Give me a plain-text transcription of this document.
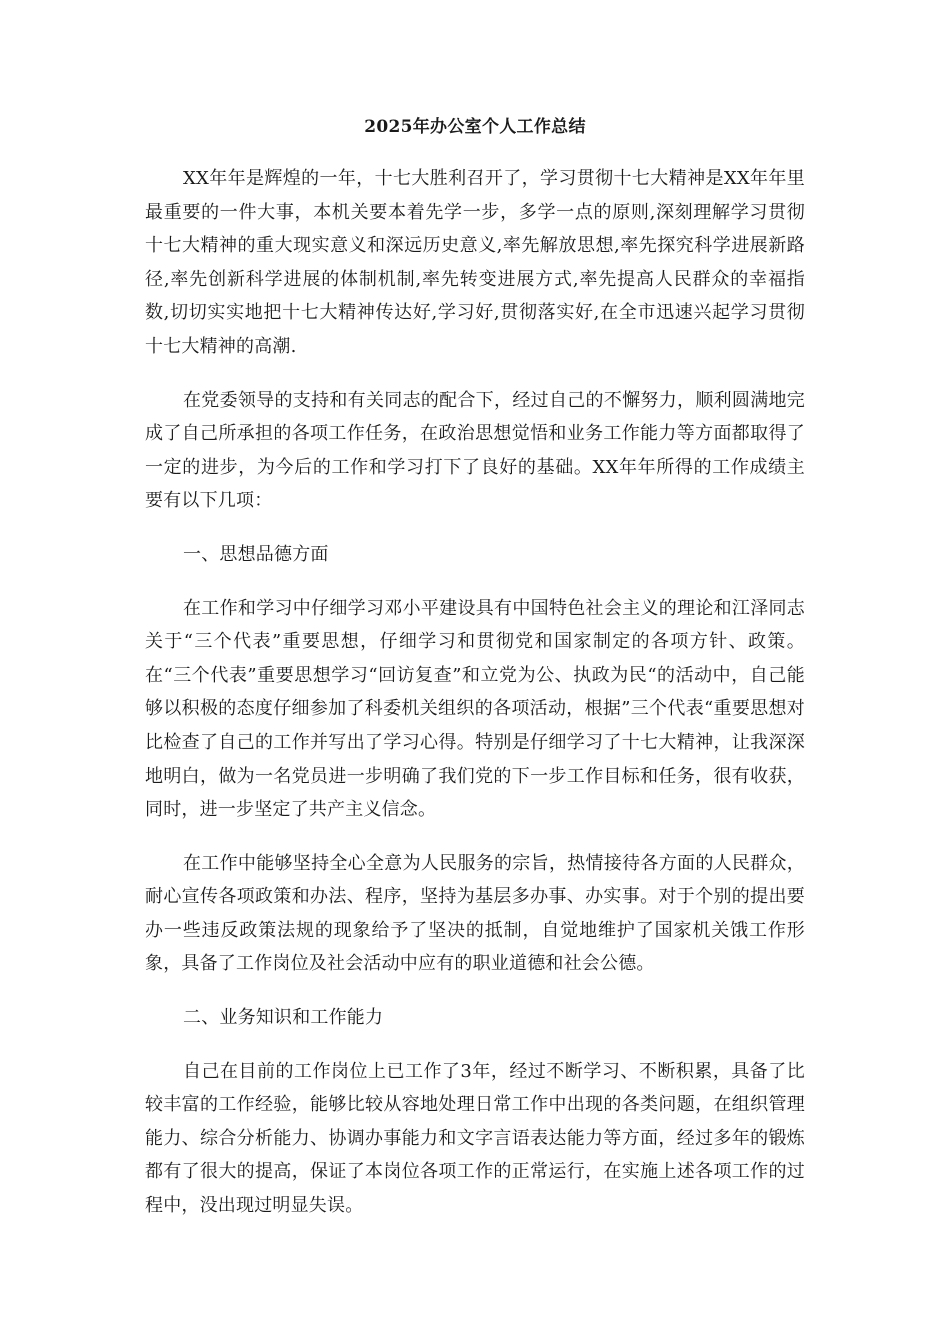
2025年办公室个人工作总结

XX年年是辉煌的一年，十七大胜利召开了，学习贯彻十七大精神是XX年年里最重要的一件大事，本机关要本着先学一步，多学一点的原则,深刻理解学习贯彻十七大精神的重大现实意义和深远历史意义,率先解放思想,率先探究科学进展新路径,率先创新科学进展的体制机制,率先转变进展方式,率先提高人民群众的幸福指数,切切实实地把十七大精神传达好,学习好,贯彻落实好,在全市迅速兴起学习贯彻十七大精神的高潮.

在党委领导的支持和有关同志的配合下，经过自己的不懈努力，顺利圆满地完成了自己所承担的各项工作任务，在政治思想觉悟和业务工作能力等方面都取得了一定的进步，为今后的工作和学习打下了良好的基础。XX年年所得的工作成绩主要有以下几项：

一、思想品德方面

在工作和学习中仔细学习邓小平建设具有中国特色社会主义的理论和江泽同志关于“三个代表”重要思想，仔细学习和贯彻党和国家制定的各项方针、政策。在“三个代表”重要思想学习“回访复查”和立党为公、执政为民“的活动中，自己能够以积极的态度仔细参加了科委机关组织的各项活动，根据”三个代表“重要思想对比检查了自己的工作并写出了学习心得。特别是仔细学习了十七大精神，让我深深地明白，做为一名党员进一步明确了我们党的下一步工作目标和任务，很有收获，同时，进一步坚定了共产主义信念。

在工作中能够坚持全心全意为人民服务的宗旨，热情接待各方面的人民群众，耐心宣传各项政策和办法、程序，坚持为基层多办事、办实事。对于个别的提出要办一些违反政策法规的现象给予了坚决的抵制，自觉地维护了国家机关饿工作形象，具备了工作岗位及社会活动中应有的职业道德和社会公德。

二、业务知识和工作能力

自己在目前的工作岗位上已工作了3年，经过不断学习、不断积累，具备了比较丰富的工作经验，能够比较从容地处理日常工作中出现的各类问题，在组织管理能力、综合分析能力、协调办事能力和文字言语表达能力等方面，经过多年的锻炼都有了很大的提高，保证了本岗位各项工作的正常运行，在实施上述各项工作的过程中，没出现过明显失误。
